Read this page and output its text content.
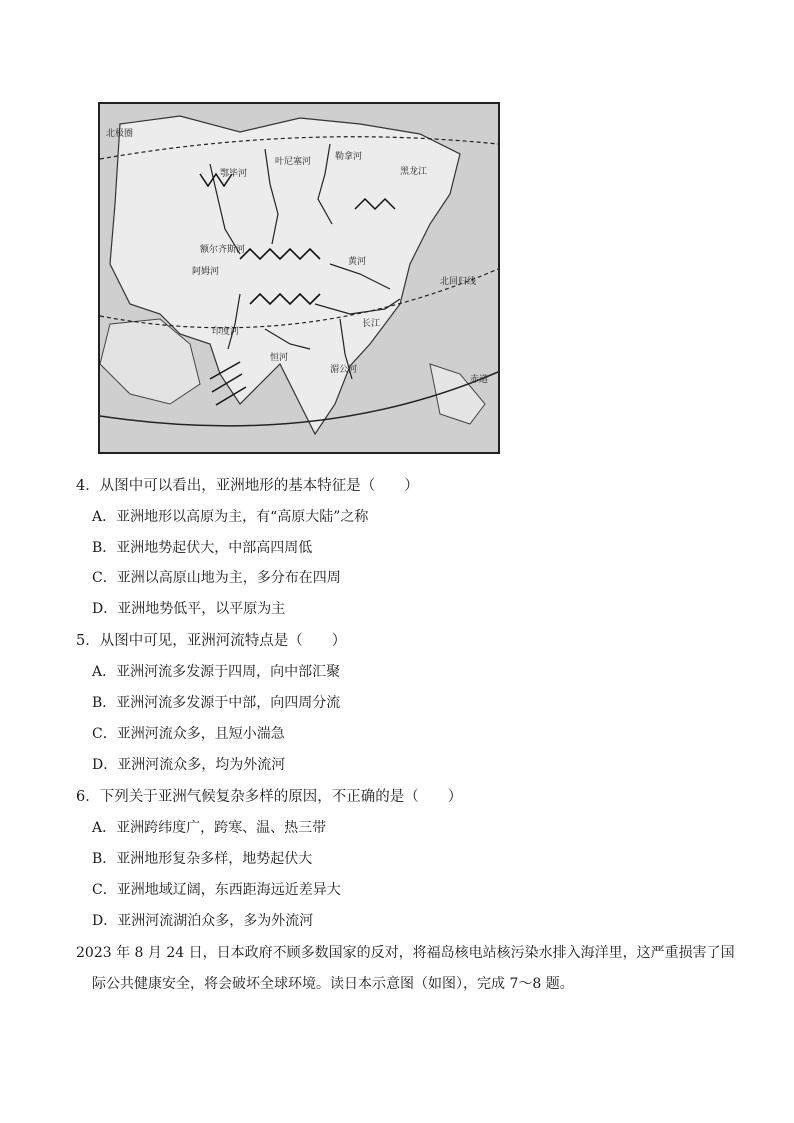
北极圈
北回归线
赤道
叶尼塞河	勒拿河
鄂毕河
额尔齐斯河
阿姆河
黄河
长江
湄公河
印度河
恒河
黑龙江
4．从图中可以看出，亚洲地形的基本特征是（　　）
A．亚洲地形以高原为主，有“高原大陆”之称
B．亚洲地势起伏大，中部高四周低
C．亚洲以高原山地为主，多分布在四周
D．亚洲地势低平，以平原为主
5．从图中可见，亚洲河流特点是（　　）
A．亚洲河流多发源于四周，向中部汇聚
B．亚洲河流多发源于中部，向四周分流
C．亚洲河流众多，且短小湍急
D．亚洲河流众多，均为外流河
6．下列关于亚洲气候复杂多样的原因，不正确的是（　　）
A．亚洲跨纬度广，跨寒、温、热三带
B．亚洲地形复杂多样，地势起伏大
C．亚洲地域辽阔，东西距海远近差异大
D．亚洲河流湖泊众多，多为外流河
2023 年 8 月 24 日，日本政府不顾多数国家的反对，将福岛核电站核污染水排入海洋里，这严重损害了国
际公共健康安全，将会破坏全球环境。读日本示意图（如图），完成 7～8 题。
